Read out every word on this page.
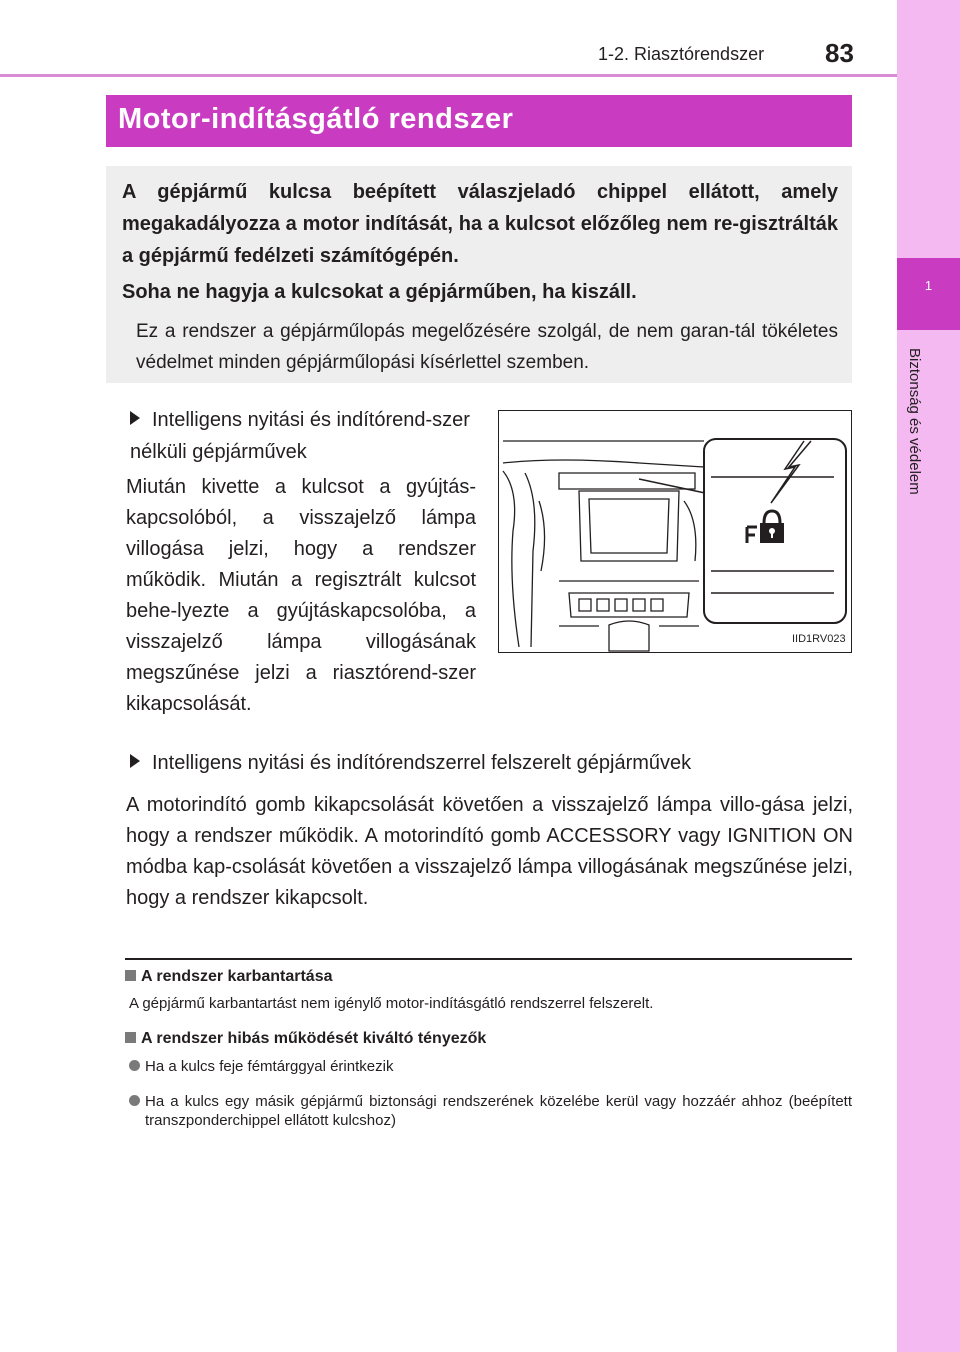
1
Biztonság és védelem
1-2. Riasztórendszer 83
Motor-indításgátló rendszer
A gépjármű kulcsa beépített válaszjeladó chippel ellátott, amely megakadályozza a motor indítását, ha a kulcsot előzőleg nem re-gisztrálták a gépjármű fedélzeti számítógépén.
Soha ne hagyja a kulcsokat a gépjárműben, ha kiszáll.
Ez a rendszer a gépjárműlopás megelőzésére szolgál, de nem garan-tál tökéletes védelmet minden gépjárműlopási kísérlettel szemben.
Intelligens nyitási és indítórend-szer nélküli gépjárművek
Miután kivette a kulcsot a gyújtás-kapcsolóból, a visszajelző lámpa villogása jelzi, hogy a rendszer működik. Miután a regisztrált kulcsot behe-lyezte a gyújtáskapcsolóba, a visszajelző lámpa villogásának megszűnése jelzi a riasztórend-szer kikapcsolását.
IID1RV023
Intelligens nyitási és indítórendszerrel felszerelt gépjárművek
A motorindító gomb kikapcsolását követően a visszajelző lámpa villo-gása jelzi, hogy a rendszer működik. A motorindító gomb ACCESSORY vagy IGNITION ON módba kap-csolását követően a visszajelző lámpa villogásának megszűnése jelzi, hogy a rendszer kikapcsolt.
A rendszer karbantartása
A gépjármű karbantartást nem igénylő motor-indításgátló rendszerrel felszerelt.
A rendszer hibás működését kiváltó tényezők
Ha a kulcs feje fémtárggyal érintkezik
Ha a kulcs egy másik gépjármű biztonsági rendszerének közelébe kerül vagy hozzáér ahhoz (beépített transzponderchippel ellátott kulcshoz)
